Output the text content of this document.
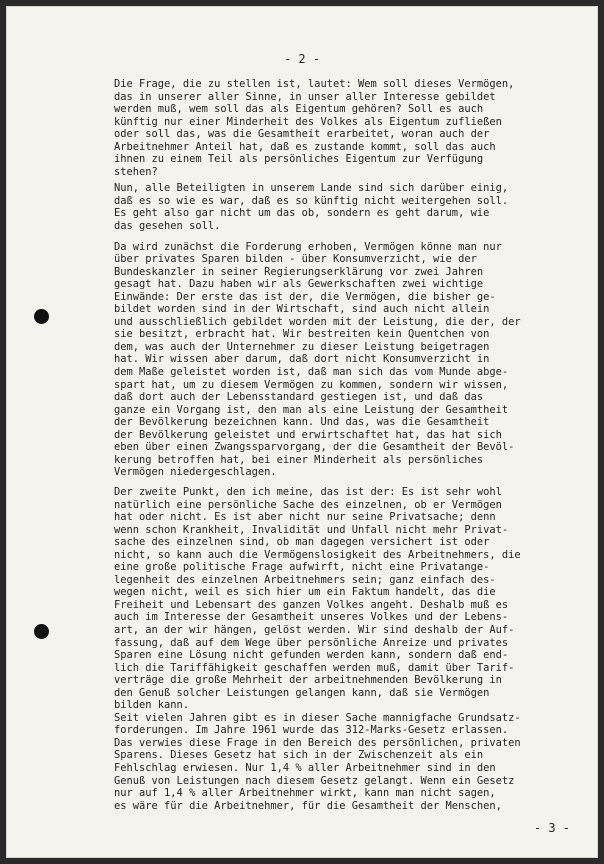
- 2 -
Die Frage, die zu stellen ist, lautet: Wem soll dieses Vermögen,
das in unserer aller Sinne, in unser aller Interesse gebildet
werden muß, wem soll das als Eigentum gehören? Soll es auch
künftig nur einer Minderheit des Volkes als Eigentum zufließen
oder soll das, was die Gesamtheit erarbeitet, woran auch der
Arbeitnehmer Anteil hat, daß es zustande kommt, soll das auch
ihnen zu einem Teil als persönliches Eigentum zur Verfügung
stehen?
Nun, alle Beteiligten in unserem Lande sind sich darüber einig,
daß es so wie es war, daß es so künftig nicht weitergehen soll.
Es geht also gar nicht um das ob, sondern es geht darum, wie
das gesehen soll.
Da wird zunächst die Forderung erhoben, Vermögen könne man nur
über privates Sparen bilden - über Konsumverzicht, wie der
Bundeskanzler in seiner Regierungserklärung vor zwei Jahren
gesagt hat. Dazu haben wir als Gewerkschaften zwei wichtige
Einwände: Der erste das ist der, die Vermögen, die bisher ge-
bildet worden sind in der Wirtschaft, sind auch nicht allein
und ausschließlich gebildet worden mit der Leistung, die der, der
sie besitzt, erbracht hat. Wir bestreiten kein Quentchen von
dem, was auch der Unternehmer zu dieser Leistung beigetragen
hat. Wir wissen aber darum, daß dort nicht Konsumverzicht in
dem Maße geleistet worden ist, daß man sich das vom Munde abge-
spart hat, um zu diesem Vermögen zu kommen, sondern wir wissen,
daß dort auch der Lebensstandard gestiegen ist, und daß das
ganze ein Vorgang ist, den man als eine Leistung der Gesamtheit
der Bevölkerung bezeichnen kann. Und das, was die Gesamtheit
der Bevölkerung geleistet und erwirtschaftet hat, das hat sich
eben über einen Zwangssparvorgang, der die Gesamtheit der Bevöl-
kerung betroffen hat, bei einer Minderheit als persönliches
Vermögen niedergeschlagen.
Der zweite Punkt, den ich meine, das ist der: Es ist sehr wohl
natürlich eine persönliche Sache des einzelnen, ob er Vermögen
hat oder nicht. Es ist aber nicht nur seine Privatsache; denn
wenn schon Krankheit, Invalidität und Unfall nicht mehr Privat-
sache des einzelnen sind, ob man dagegen versichert ist oder
nicht, so kann auch die Vermögenslosigkeit des Arbeitnehmers, die
eine große politische Frage aufwirft, nicht eine Privatange-
legenheit des einzelnen Arbeitnehmers sein; ganz einfach des-
wegen nicht, weil es sich hier um ein Faktum handelt, das die
Freiheit und Lebensart des ganzen Volkes angeht. Deshalb muß es
auch im Interesse der Gesamtheit unseres Volkes und der Lebens-
art, an der wir hängen, gelöst werden. Wir sind deshalb der Auf-
fassung, daß auf dem Wege über persönliche Anreize und privates
Sparen eine Lösung nicht gefunden werden kann, sondern daß end-
lich die Tariffähigkeit geschaffen werden muß, damit über Tarif-
verträge die große Mehrheit der arbeitnehmenden Bevölkerung in
den Genuß solcher Leistungen gelangen kann, daß sie Vermögen
bilden kann.
Seit vielen Jahren gibt es in dieser Sache mannigfache Grundsatz-
forderungen. Im Jahre 1961 wurde das 312-Marks-Gesetz erlassen.
Das verwies diese Frage in den Bereich des persönlichen, privaten
Sparens. Dieses Gesetz hat sich in der Zwischenzeit als ein
Fehlschlag erwiesen. Nur 1,4 % aller Arbeitnehmer sind in den
Genuß von Leistungen nach diesem Gesetz gelangt. Wenn ein Gesetz
nur auf 1,4 % aller Arbeitnehmer wirkt, kann man nicht sagen,
es wäre für die Arbeitnehmer, für die Gesamtheit der Menschen,
- 3 -
